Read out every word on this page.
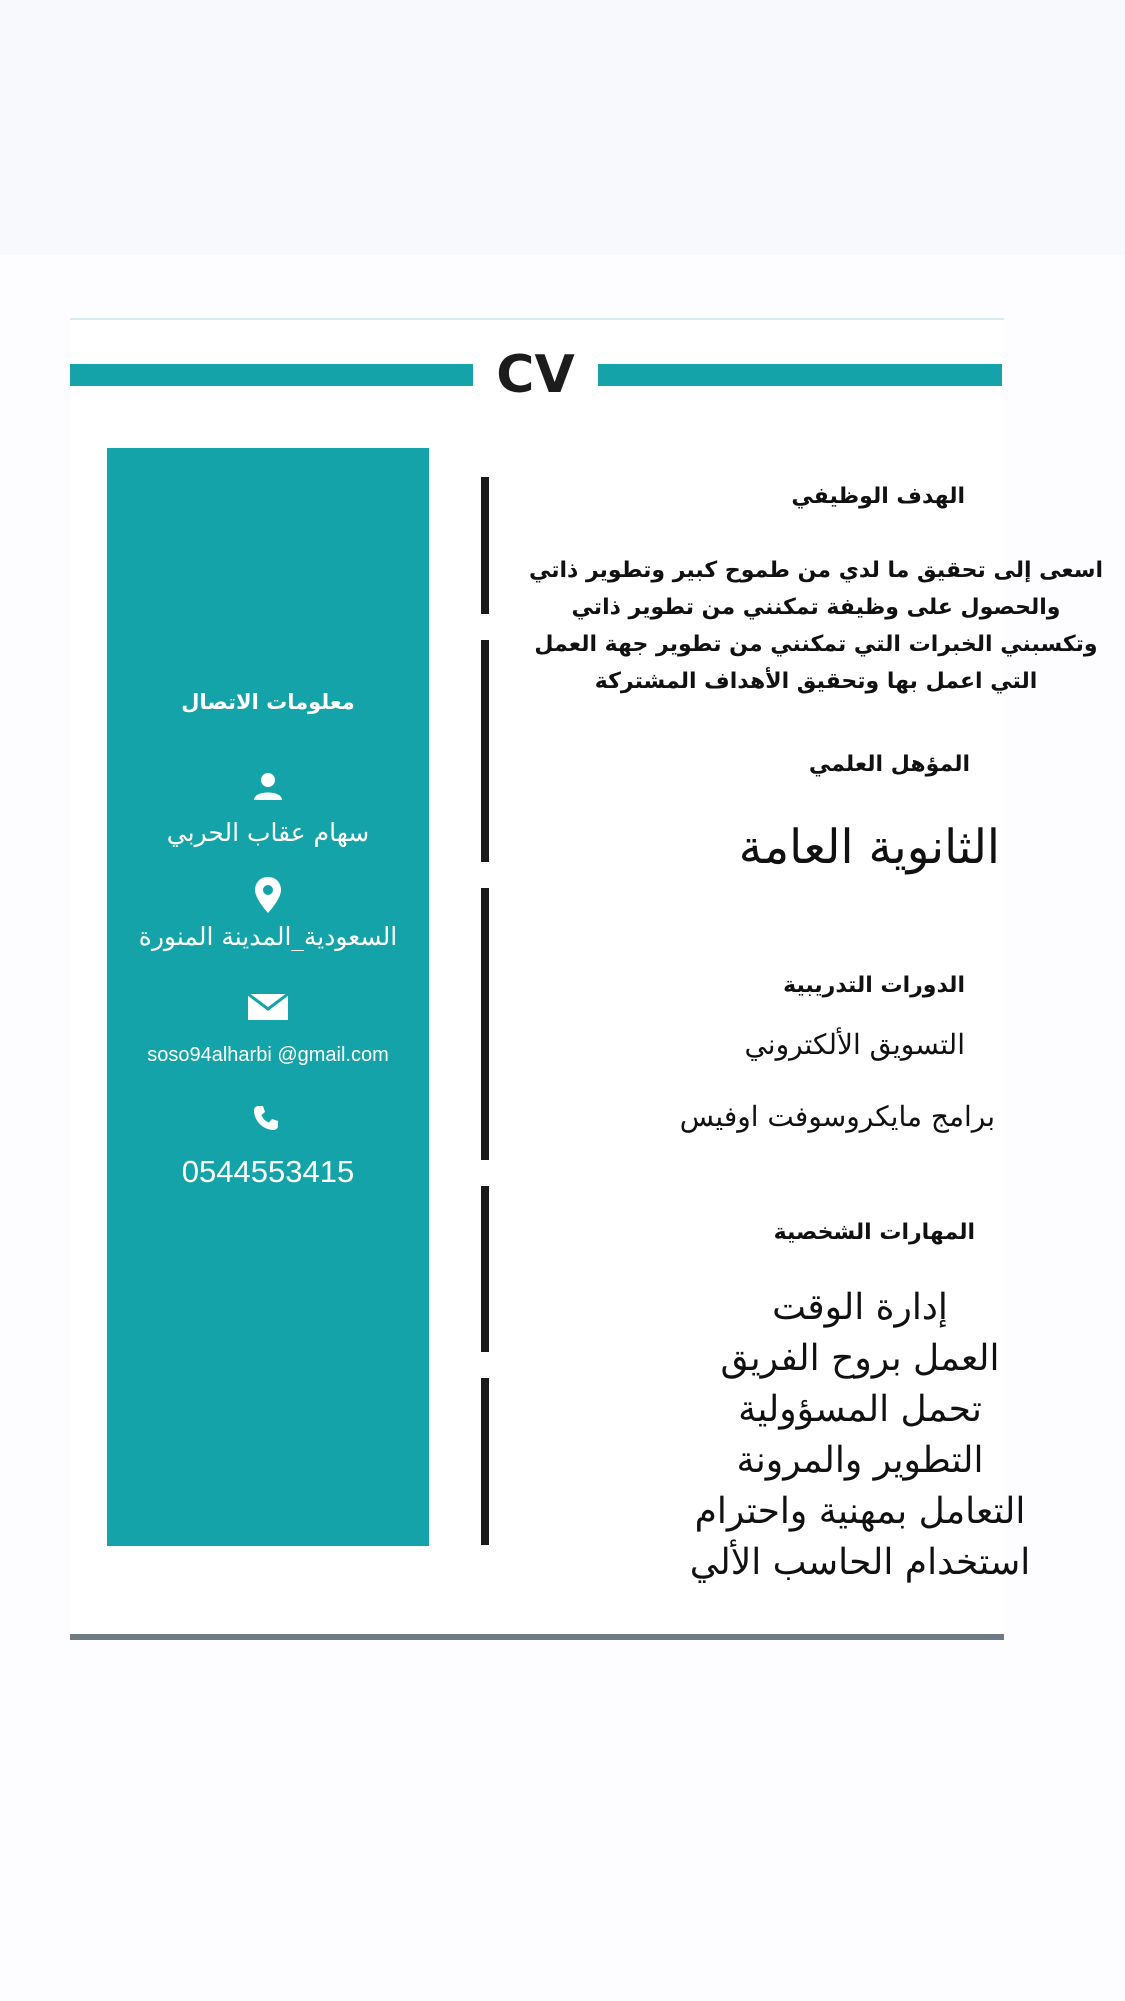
CV
معلومات الاتصال
سهام عقاب الحربي
السعودية_المدينة المنورة
soso94alharbi @gmail.com
0544553415
الهدف الوظيفي
اسعى إلى تحقيق ما لدي من طموح كبير وتطوير ذاتي
والحصول على وظيفة تمكنني من تطوير ذاتي
وتكسبني الخبرات التي تمكنني من تطوير جهة العمل
التي اعمل بها وتحقيق الأهداف المشتركة
المؤهل العلمي
الثانوية العامة
الدورات التدريبية
التسويق الألكتروني
برامج مايكروسوفت اوفيس
المهارات الشخصية
إدارة الوقت
العمل بروح الفريق
تحمل المسؤولية
التطوير والمرونة
التعامل بمهنية واحترام
استخدام الحاسب الألي
